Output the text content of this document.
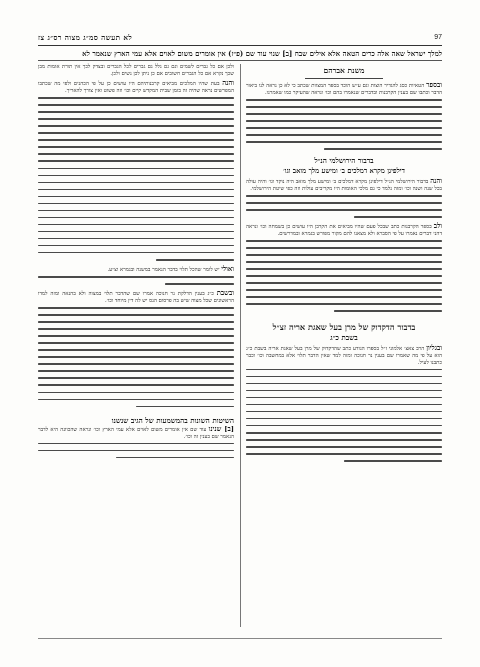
97
לא תעשה סמ״ג מצוה רס״ג צז
למלך ישראל שאה אלה כרים הטאה אלא אילים שבח [ב] שנוי עוד שם (פ״ז) אין אומרים משום לאוים אלא עמי הארץ שנאמר לא
משנת אברהם
ובספר הטאיות כסג להגדיר הוצות וגם ע״ש הוכד בספר המצוות שכתב כי לא כן נראה לנו ביאור הדבר וכתבו שם בענין הקרבנות ובדברים שנאמרו בהם וכו׳ ונראה שהעיקר כמו שאמרנו.
בדבור הירושלמי הנ״ל
דילפינן מקרא דמלכים ב׳ ומישע מלך מואב וגו׳
והנה בדבור הירושלמי הנ״ל דילפינן מקרא דמלכים ב׳ ומישע מלך מואב היה נוקד וגו׳ והיה עולה בכל שנה ושנה וכו׳ ומזה נלמד כי גם מלכי האומות היו מקריבים עולות וזה כפי שיטת הירושלמי.
ולב בספר הקרבנות כתב שבכל פעם שהיו מביאים את הקרבן היו עושים כן בשמחה וכו׳ ונראה דהני דברים נאמרו על פי הסברא ולא מצאנו להם מקור מפורש בגמרא ובמדרשים.
בדבור הדקדוק של מרן בעל שאגת אריה זצ״ל
בשבת כ״ג
ובגליון הרב צאצ׳ אלמוני ז״ל בספרו הנודע כתב שהדקדוק של מרן בעל שאגת אריה בשבת כ״ג הוא על פי מה שאמרו שם בענין נר חנוכה ומזה למד שאין הדבר תלוי אלא במחשבה וכו׳ וכבר כתבנו לעיל.
ולכן אם כל גברים לשמים וגם גם גלל גם גברים לכל הגברים ובצדק לכך אין תורת אומות מבן שכך נקרא אם כל הגברים חשובים אם כן ניתן לכן נשים ולכן.
והנה בעת שהיו המלכים מביאים קרבנותיהם היו עושים כן על פי הכהנים ולפי מה שכתבו המפרשים נראה שהיה זה בזמן שבית המקדש קיים וכו׳ וזה פשוט ואין צורך להאריך.
ואולי יש לומר שהכל תלוי בדבר הנאמר במשנה ובגמרא וצ״ע.
ובשבת כ״ג בענין הדלקת נר חנוכה אמרו שם שהדבר תלוי במצוה ולא בהנאה ומזה למדו הראשונים שכל מצוה שיש בה פרסום הנס יש לה דין מיוחד וכו׳.
השיטות השונות בהמשמעות של הגיב שנשנו
[ב] שנינו עוד שם אין אומרים משום לאוים אלא עמי הארץ וכו׳ ונראה שהכוונה היא לדבר הנאמר שם בענין זה וכו׳.
